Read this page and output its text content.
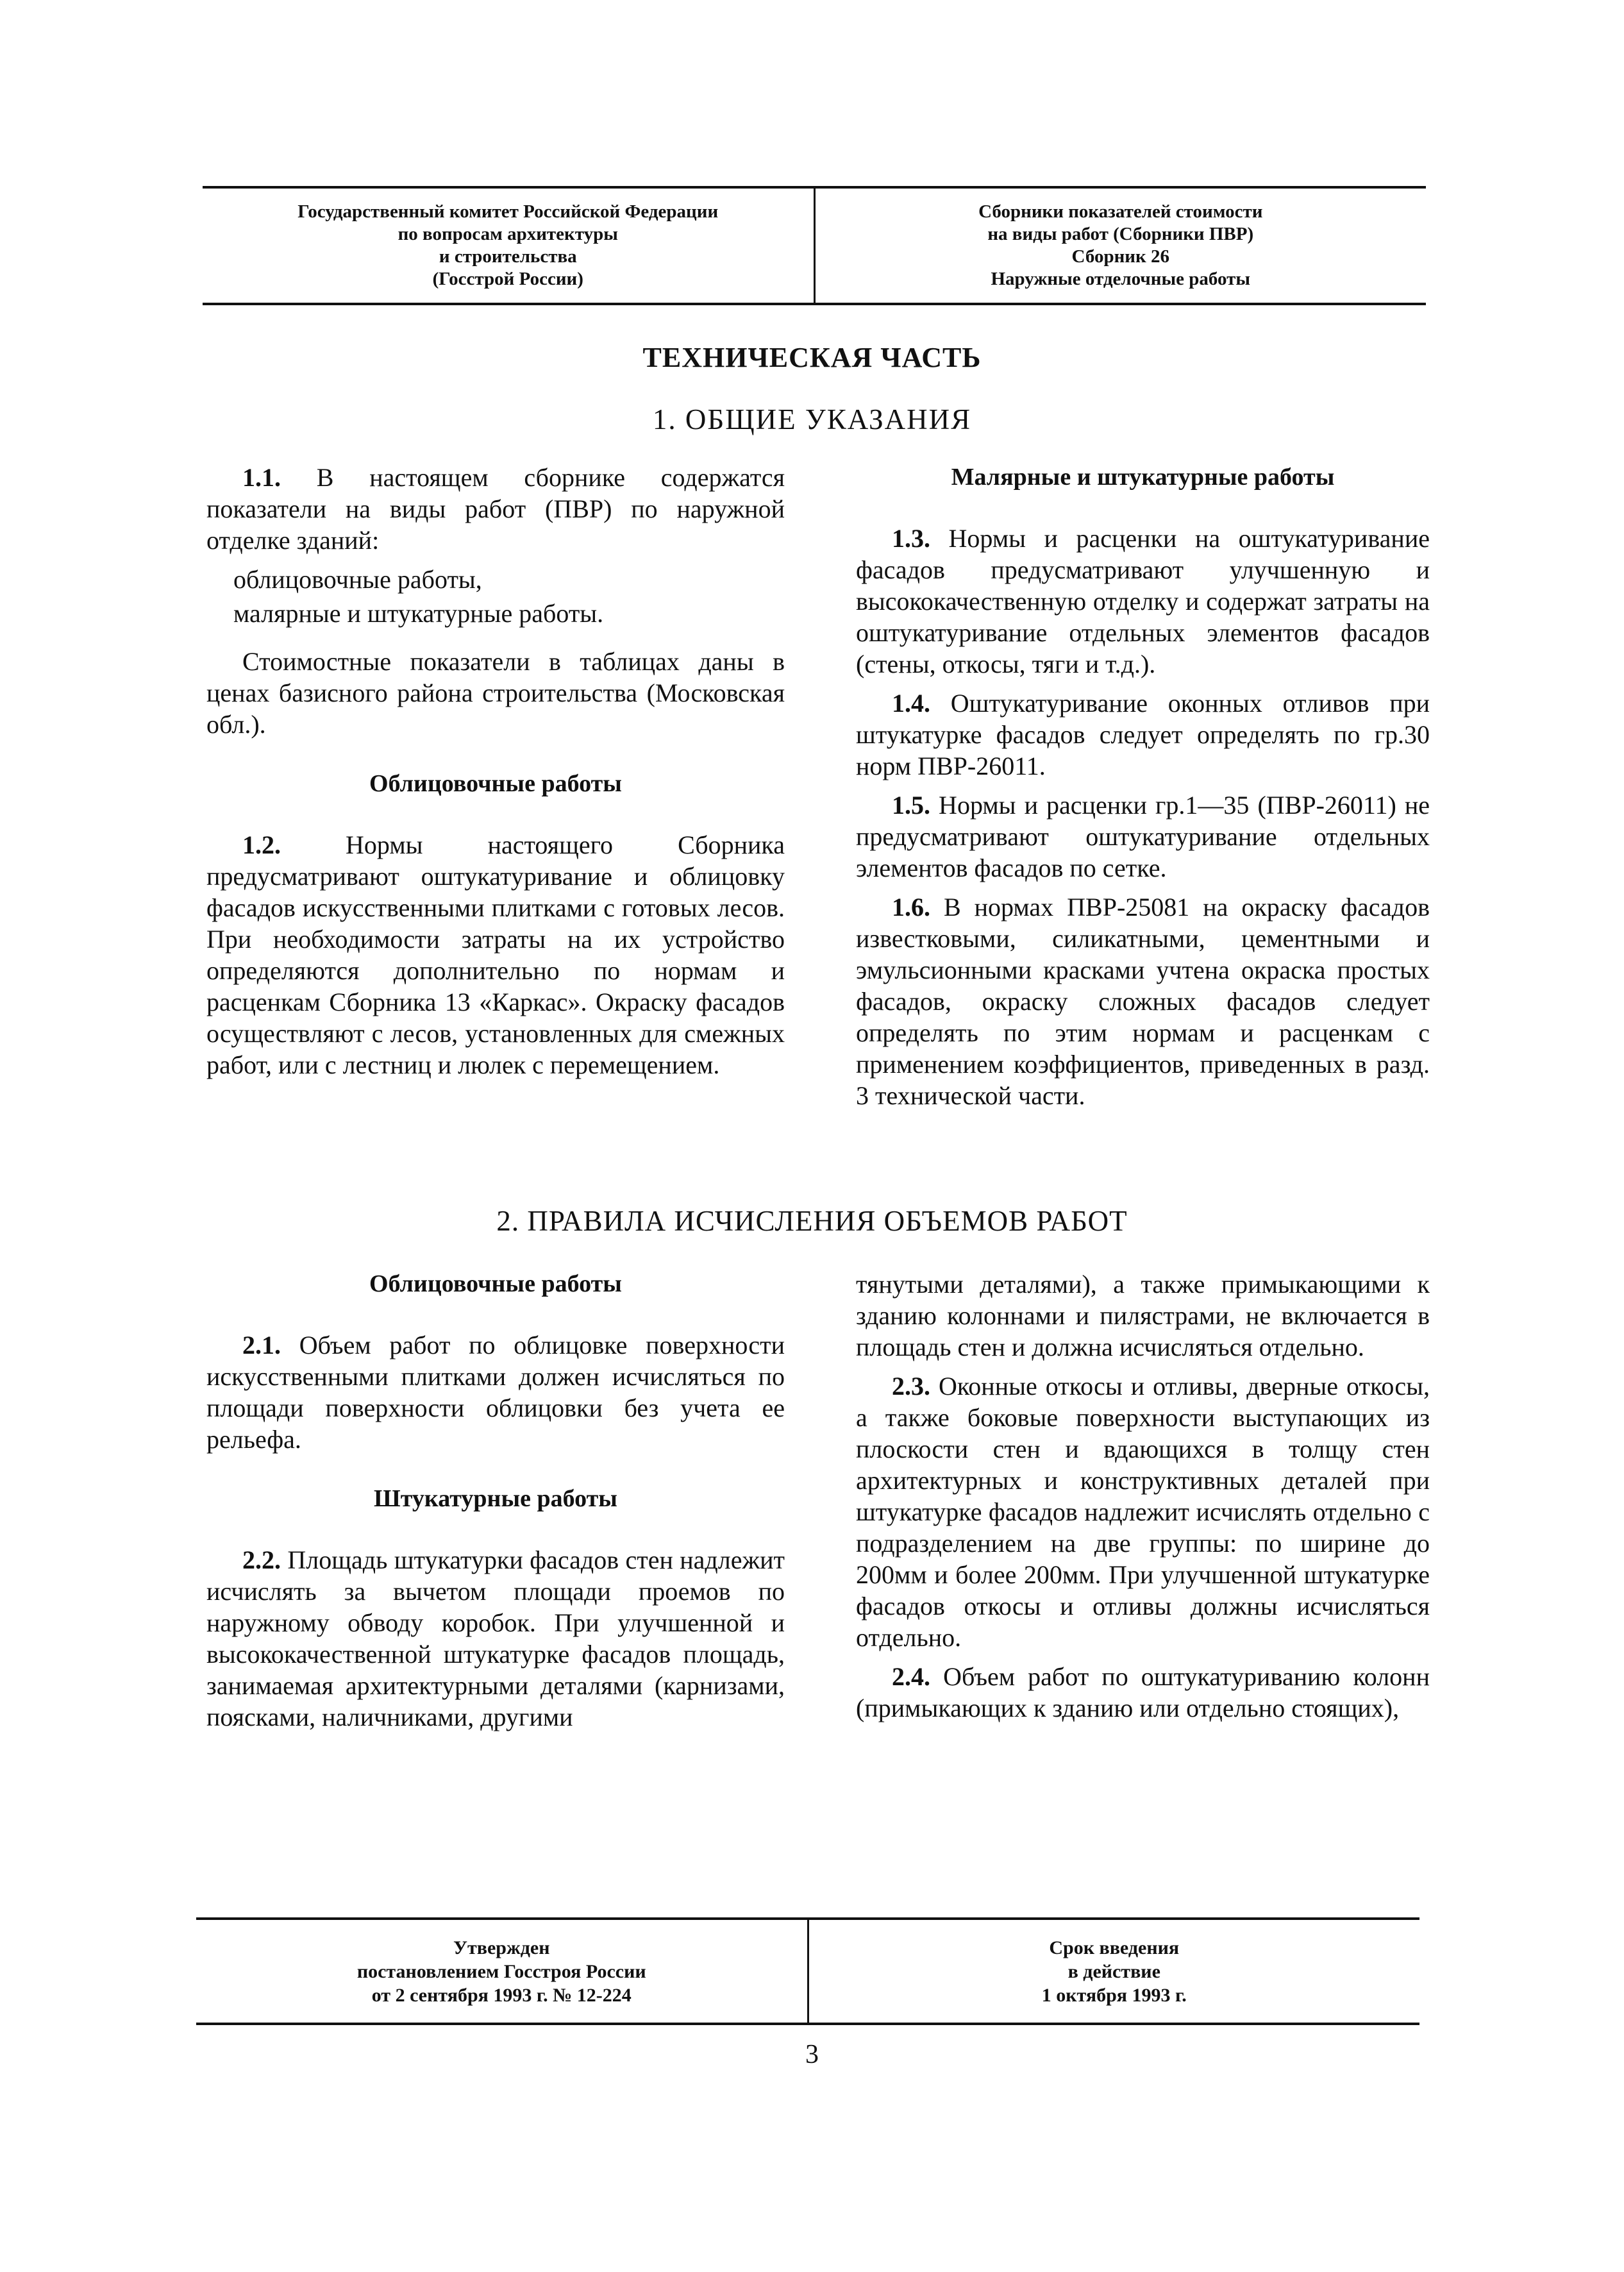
Государственный комитет Российской Федерации
по вопросам архитектуры
и строительства
(Госстрой России)
Сборники показателей стоимости
на виды работ (Сборники ПВР)
Сборник 26
Наружные отделочные работы
ТЕХНИЧЕСКАЯ ЧАСТЬ
1. ОБЩИЕ УКАЗАНИЯ

1.1. В настоящем сборнике содержатся показатели на виды работ (ПВР) по наружной отделке зданий:

облицовочные работы,

малярные и штукатурные работы.

Стоимостные показатели в таблицах даны в ценах базисного района строительства (Московская обл.).

Облицовочные работы

1.2. Нормы настоящего Сборника предусматривают оштукатуривание и облицовку фасадов искусственными плитками с готовых лесов. При необходимости затраты на их устройство определяются дополнительно по нормам и расценкам Сборника 13 «Каркас». Окраску фасадов осуществляют с лесов, установленных для смежных работ, или с лестниц и люлек с перемещением.

Малярные и штукатурные работы

1.3. Нормы и расценки на оштукатуривание фасадов предусматривают улучшенную и высококачественную отделку и содержат затраты на оштукатуривание отдельных элементов фасадов (стены, откосы, тяги и т.д.).

1.4. Оштукатуривание оконных отливов при штукатурке фасадов следует определять по гр.30 норм ПВР-26011.

1.5. Нормы и расценки гр.1—35 (ПВР-26011) не предусматривают оштукатуривание отдельных элементов фасадов по сетке.

1.6. В нормах ПВР-25081 на окраску фасадов известковыми, силикатными, цементными и эмульсионными красками учтена окраска простых фасадов, окраску сложных фасадов следует определять по этим нормам и расценкам с применением коэффициентов, приведенных в разд. 3 технической части.

2. ПРАВИЛА ИСЧИСЛЕНИЯ ОБЪЕМОВ РАБОТ
Облицовочные работы

2.1. Объем работ по облицовке поверхности искусственными плитками должен исчисляться по площади поверхности облицовки без учета ее рельефа.

Штукатурные работы

2.2. Площадь штукатурки фасадов стен надлежит исчислять за вычетом площади проемов по наружному обводу коробок. При улучшенной и высококачественной штукатурке фасадов площадь, занимаемая архитектурными деталями (карнизами, поясками, наличниками, другими

тянутыми деталями), а также примыкающими к зданию колоннами и пилястрами, не включается в площадь стен и должна исчисляться отдельно.

2.3. Оконные откосы и отливы, дверные откосы, а также боковые поверхности выступающих из плоскости стен и вдающихся в толщу стен архитектурных и конструктивных деталей при штукатурке фасадов надлежит исчислять отдельно с подразделением на две группы: по ширине до 200мм и более 200мм. При улучшенной штукатурке фасадов откосы и отливы должны исчисляться отдельно.

2.4. Объем работ по оштукатуриванию колонн (примыкающих к зданию или отдельно стоящих),

Утвержден
постановлением Госстроя России
от 2 сентября 1993 г. № 12-224
Срок введения
в действие
1 октября 1993 г.
3
